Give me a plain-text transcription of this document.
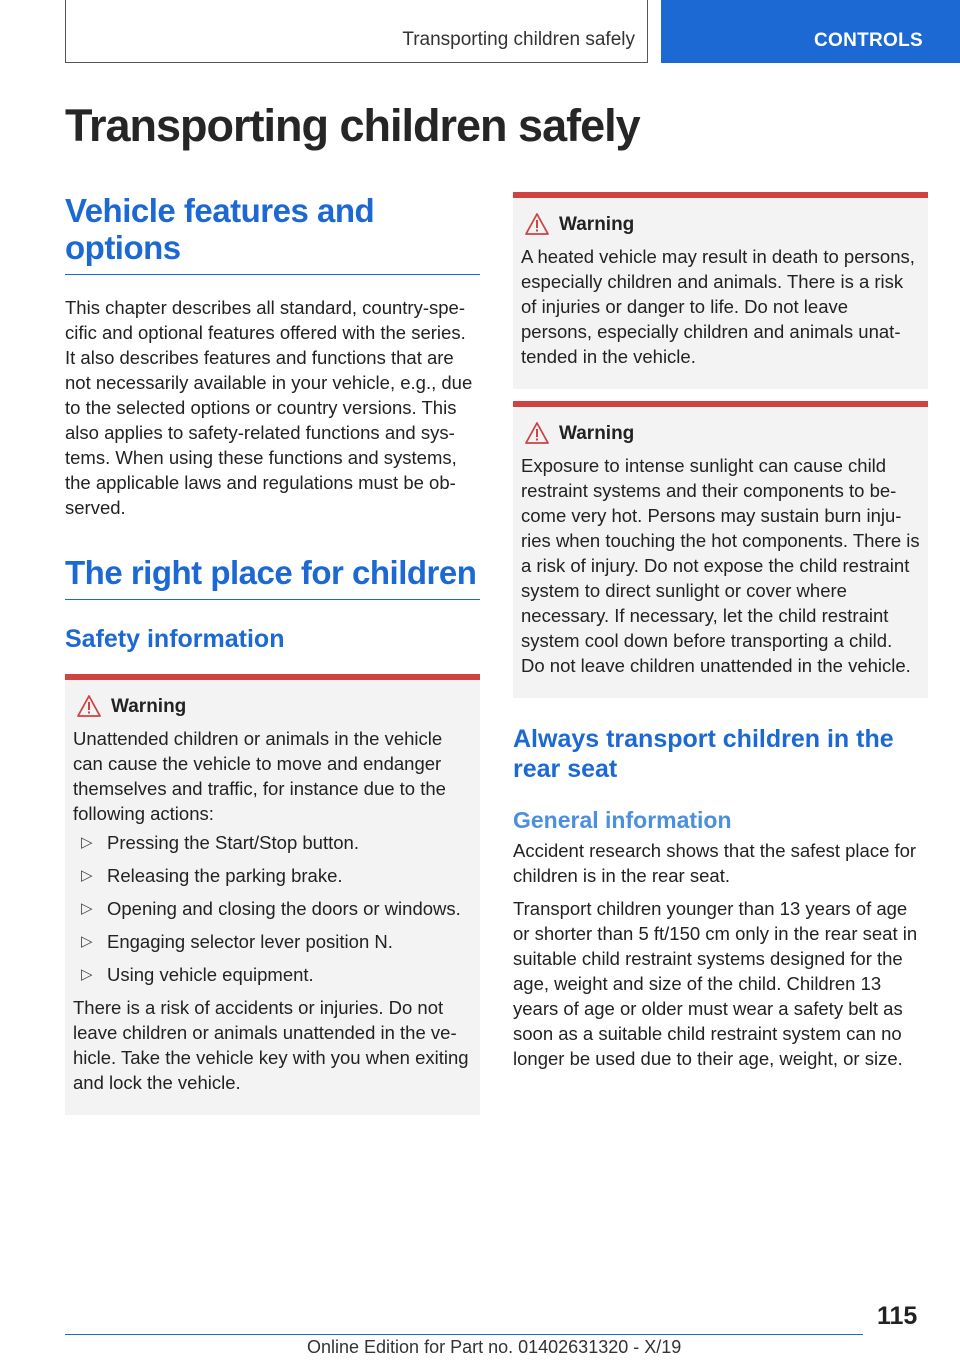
Transporting children safely	CONTROLS
Transporting children safely
Vehicle features and options

This chapter describes all standard, country-specific and optional features offered with the series. It also describes features and functions that are not necessarily available in your vehicle, e.g., due to the selected options or country versions. This also applies to safety-related functions and systems. When using these functions and systems, the applicable laws and regulations must be observed.

The right place for children
Safety information
Warning

Unattended children or animals in the vehicle can cause the vehicle to move and endanger themselves and traffic, for instance due to the following actions:

▷ Pressing the Start/Stop button.
▷ Releasing the parking brake.
▷ Opening and closing the doors or windows.
▷ Engaging selector lever position N.
▷ Using vehicle equipment.

There is a risk of accidents or injuries. Do not leave children or animals unattended in the vehicle. Take the vehicle key with you when exiting and lock the vehicle.

Warning

A heated vehicle may result in death to persons, especially children and animals. There is a risk of injuries or danger to life. Do not leave persons, especially children and animals unattended in the vehicle.

Warning

Exposure to intense sunlight can cause child restraint systems and their components to become very hot. Persons may sustain burn injuries when touching the hot components. There is a risk of injury. Do not expose the child restraint system to direct sunlight or cover where necessary. If necessary, let the child restraint system cool down before transporting a child. Do not leave children unattended in the vehicle.

Always transport children in the rear seat
General information

Accident research shows that the safest place for children is in the rear seat.

Transport children younger than 13 years of age or shorter than 5 ft/150 cm only in the rear seat in suitable child restraint systems designed for the age, weight and size of the child. Children 13 years of age or older must wear a safety belt as soon as a suitable child restraint system can no longer be used due to their age, weight, or size.

115
Online Edition for Part no. 01402631320 - X/19
